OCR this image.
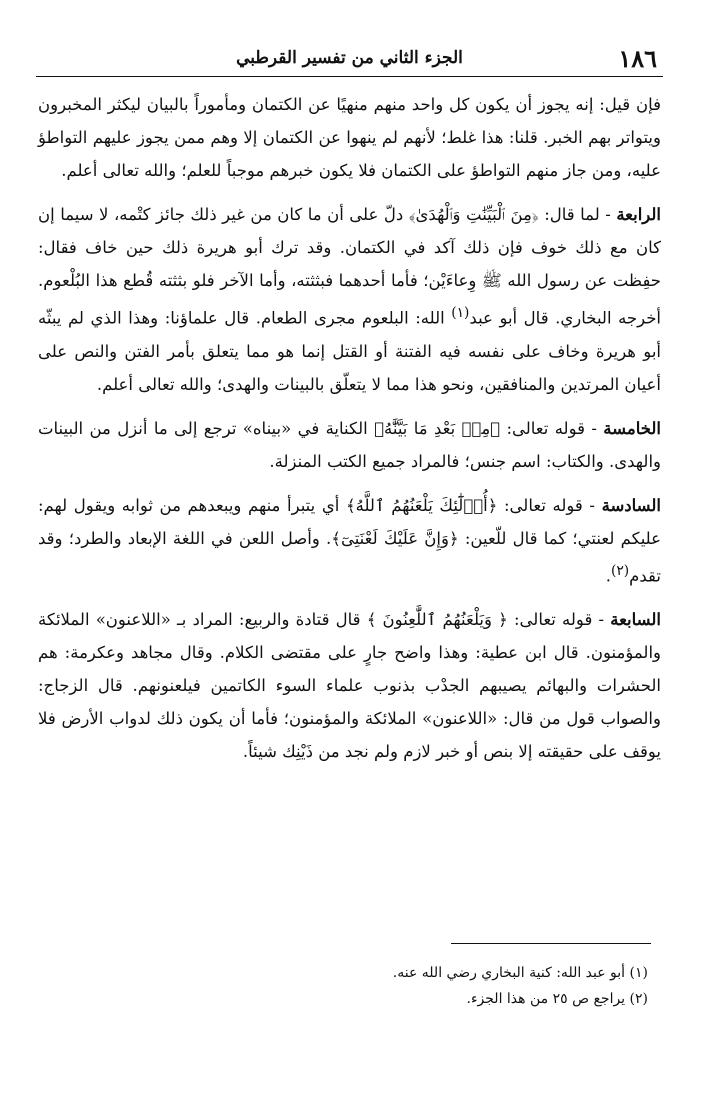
١٨٦
الجزء الثاني من تفسير القرطبي

فإن قيل: إنه يجوز أن يكون كل واحد منهم منهيًا عن الكتمان ومأموراً بالبيان ليكثر المخبرون ويتواتر بهم الخبر. قلنا: هذا غلط؛ لأنهم لم ينهوا عن الكتمان إلا وهم ممن يجوز عليهم التواطؤ عليه، ومن جاز منهم التواطؤ على الكتمان فلا يكون خبرهم موجباً للعلم؛ والله تعالى أعلم.

الرابعة - لما قال: ﴿مِنَ ٱلْبَيِّنَٰتِ وَٱلْهُدَىٰ﴾ دلّ على أن ما كان من غير ذلك جائز كتْمه، لا سيما إن كان مع ذلك خوف فإن ذلك آكد في الكتمان. وقد ترك أبو هريرة ذلك حين خاف فقال: حفِظت عن رسول الله ﷺ وِعاءَيْن؛ فأما أحدهما فبثثته، وأما الآخر فلو بثثته قُطع هذا البُلْعوم. أخرجه البخاري. قال أبو عبد$^{(١)}$ الله: البلعوم مجرى الطعام. قال علماؤنا: وهذا الذي لم يبثّه أبو هريرة وخاف على نفسه فيه الفتنة أو القتل إنما هو مما يتعلق بأمر الفتن والنص على أعيان المرتدين والمنافقين، ونحو هذا مما لا يتعلّق بالبينات والهدى؛ والله تعالى أعلم.

الخامسة - قوله تعالى: ﴿مِنۢ بَعْدِ مَا بَيَّنَّٰهُ﴾ الكناية في «بيناه» ترجع إلى ما أنزل من البينات والهدى. والكتاب: اسم جنس؛ فالمراد جميع الكتب المنزلة.

السادسة - قوله تعالى: ﴿أُو۟لَٰٓئِكَ يَلْعَنُهُمُ ٱللَّهُ﴾ أي يتبرأ منهم ويبعدهم من ثوابه ويقول لهم: عليكم لعنتي؛ كما قال للّعين: ﴿وَإِنَّ عَلَيْكَ لَعْنَتِىٓ﴾. وأصل اللعن في اللغة الإبعاد والطرد؛ وقد تقدم$^{(٢)}$.

السابعة - قوله تعالى: ﴿ وَيَلْعَنُهُمُ ٱللَّٰعِنُونَ ﴾ قال قتادة والربيع: المراد بـ «اللاعنون» الملائكة والمؤمنون. قال ابن عطية: وهذا واضح جارٍ على مقتضى الكلام. وقال مجاهد وعكرمة: هم الحشرات والبهائم يصيبهم الجدْب بذنوب علماء السوء الكاتمين فيلعنونهم. قال الزجاج: والصواب قول من قال: «اللاعنون» الملائكة والمؤمنون؛ فأما أن يكون ذلك لدواب الأرض فلا يوقف على حقيقته إلا بنص أو خبر لازم ولم نجد من ذَيْنِك شيئاً.

(١) أبو عبد الله: كنية البخاري رضي الله عنه.
(٢) يراجع ص ٢٥ من هذا الجزء.
